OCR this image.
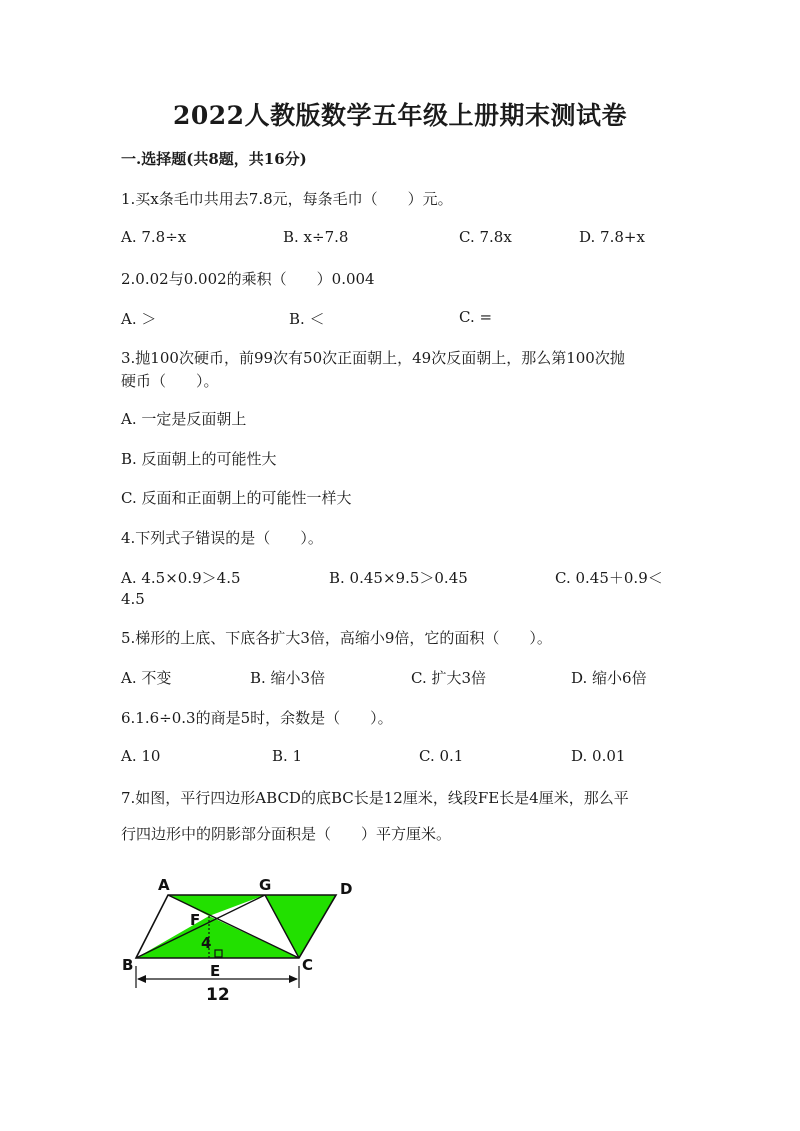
2022人教版数学五年级上册期末测试卷
一.选择题(共8题，共16分)
1.买x条毛巾共用去7.8元，每条毛巾（　　）元。
A. 7.8÷x	B. x÷7.8	C. 7.8x	D. 7.8+x
2.0.02与0.002的乘积（　　）0.004
A. ＞	B. ＜	C. =
3.抛100次硬币，前99次有50次正面朝上，49次反面朝上，那么第100次抛
硬币（　　）。
A. 一定是反面朝上
B. 反面朝上的可能性大
C. 反面和正面朝上的可能性一样大
4.下列式子错误的是（　　）。
A. 4.5×0.9＞4.5	B. 0.45×9.5＞0.45	C. 0.45＋0.9＜
4.5
5.梯形的上底、下底各扩大3倍，高缩小9倍，它的面积（　　）。
A. 不变	B. 缩小3倍	C. 扩大3倍	D. 缩小6倍
6.1.6÷0.3的商是5时，余数是（　　）。
A. 10	B. 1	C. 0.1	D. 0.01
7.如图，平行四边形ABCD的底BC长是12厘米，线段FE长是4厘米，那么平
行四边形中的阴影部分面积是（　　）平方厘米。
A	G	D
F
4
B	E	C
12
